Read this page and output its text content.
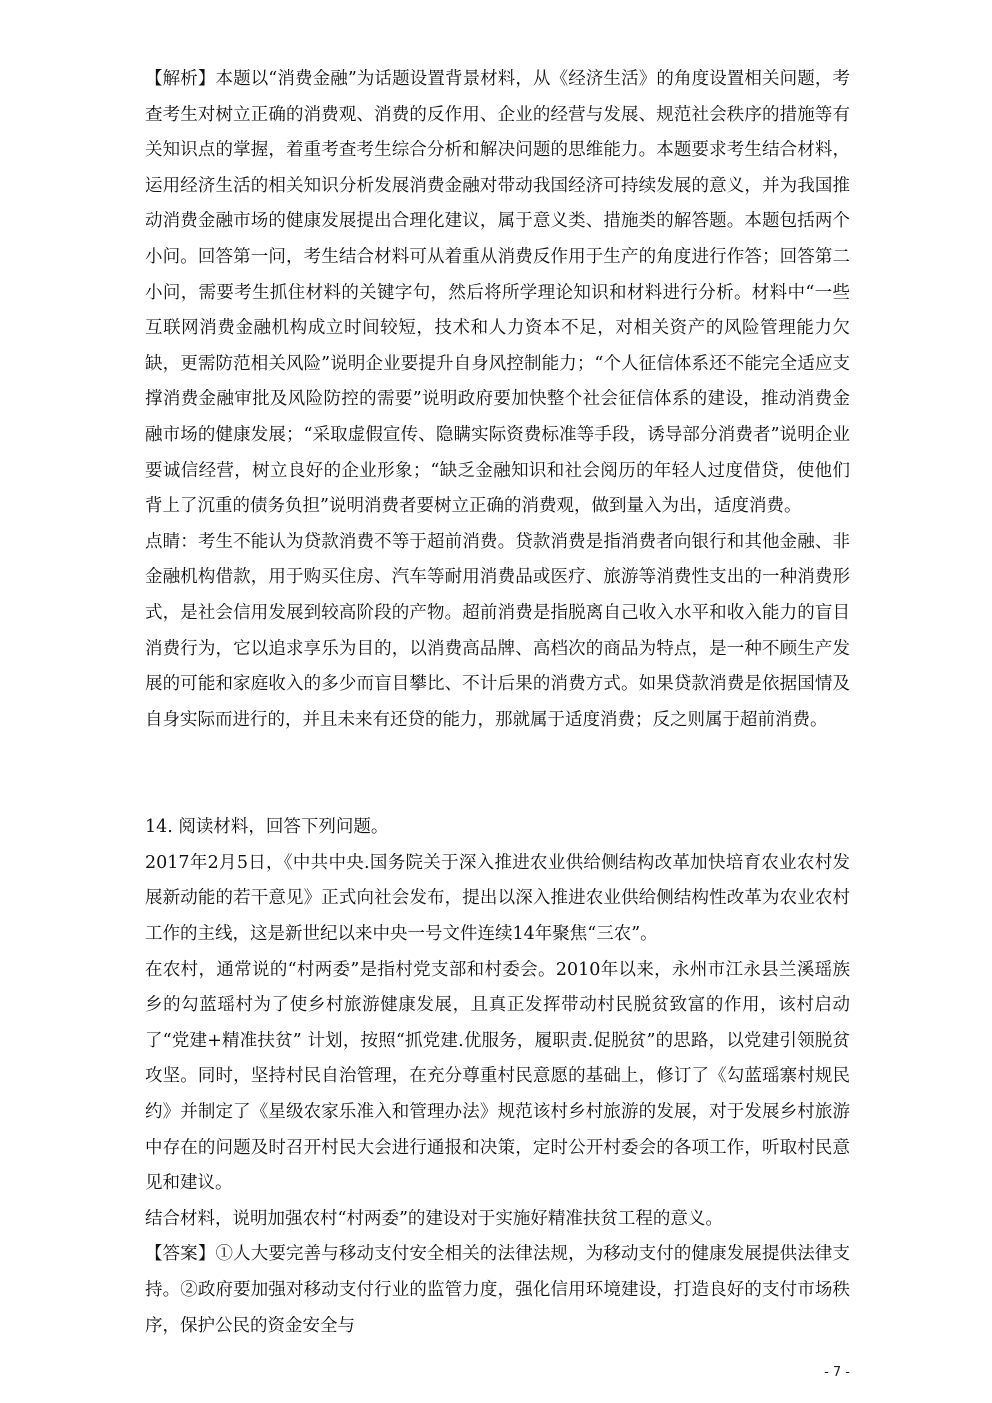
【解析】本题以“消费金融”为话题设置背景材料，从《经济生活》的角度设置相关问题，考查考生对树立正确的消费观、消费的反作用、企业的经营与发展、规范社会秩序的措施等有关知识点的掌握，着重考查考生综合分析和解决问题的思维能力。本题要求考生结合材料，运用经济生活的相关知识分析发展消费金融对带动我国经济可持续发展的意义，并为我国推动消费金融市场的健康发展提出合理化建议，属于意义类、措施类的解答题。本题包括两个小问。回答第一问，考生结合材料可从着重从消费反作用于生产的角度进行作答；回答第二小问，需要考生抓住材料的关键字句，然后将所学理论知识和材料进行分析。材料中“一些互联网消费金融机构成立时间较短，技术和人力资本不足，对相关资产的风险管理能力欠缺，更需防范相关风险”说明企业要提升自身风控制能力；“个人征信体系还不能完全适应支撑消费金融审批及风险防控的需要”说明政府要加快整个社会征信体系的建设，推动消费金融市场的健康发展；“采取虚假宣传、隐瞒实际资费标准等手段，诱导部分消费者”说明企业要诚信经营，树立良好的企业形象；“缺乏金融知识和社会阅历的年轻人过度借贷，使他们背上了沉重的债务负担”说明消费者要树立正确的消费观，做到量入为出，适度消费。

点睛：考生不能认为贷款消费不等于超前消费。贷款消费是指消费者向银行和其他金融、非金融机构借款，用于购买住房、汽车等耐用消费品或医疗、旅游等消费性支出的一种消费形式，是社会信用发展到较高阶段的产物。超前消费是指脱离自己收入水平和收入能力的盲目消费行为，它以追求享乐为目的，以消费高品牌、高档次的商品为特点，是一种不顾生产发展的可能和家庭收入的多少而盲目攀比、不计后果的消费方式。如果贷款消费是依据国情及自身实际而进行的，并且未来有还贷的能力，那就属于适度消费；反之则属于超前消费。

14. 阅读材料，回答下列问题。

2017年2月5日，《中共中央.国务院关于深入推进农业供给侧结构改革加快培育农业农村发展新动能的若干意见》正式向社会发布，提出以深入推进农业供给侧结构性改革为农业农村工作的主线，这是新世纪以来中央一号文件连续14年聚焦“三农”。

在农村，通常说的“村两委”是指村党支部和村委会。2010年以来，永州市江永县兰溪瑶族乡的勾蓝瑶村为了使乡村旅游健康发展，且真正发挥带动村民脱贫致富的作用，该村启动了“党建+精准扶贫” 计划，按照“抓党建.优服务，履职责.促脱贫”的思路，以党建引领脱贫攻坚。同时，坚持村民自治管理，在充分尊重村民意愿的基础上，修订了《勾蓝瑶寨村规民约》并制定了《星级农家乐准入和管理办法》规范该村乡村旅游的发展，对于发展乡村旅游中存在的问题及时召开村民大会进行通报和决策，定时公开村委会的各项工作，听取村民意见和建议。

结合材料，说明加强农村“村两委”的建设对于实施好精准扶贫工程的意义。

【答案】①人大要完善与移动支付安全相关的法律法规，为移动支付的健康发展提供法律支持。②政府要加强对移动支付行业的监管力度，强化信用环境建设，打造良好的支付市场秩序，保护公民的资金安全与

- 7 -
